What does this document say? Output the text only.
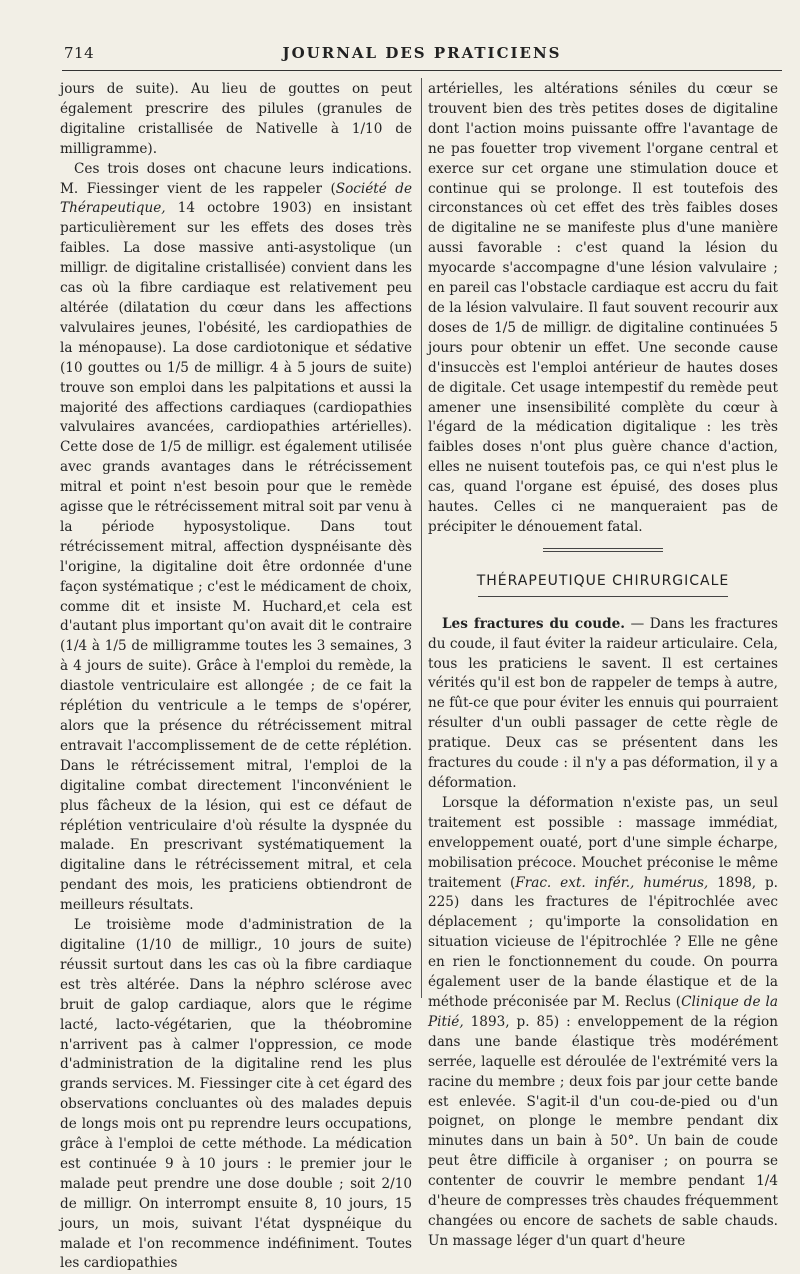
714	JOURNAL DES PRATICIENS

jours de suite). Au lieu de gouttes on peut également prescrire des pilules (granules de digitaline cristallisée de Nativelle à 1/10 de milligramme).

Ces trois doses ont chacune leurs indications. M. Fiessinger vient de les rappeler (Société de Thérapeutique, 14 octobre 1903) en insistant particulièrement sur les effets des doses très faibles. La dose massive anti-asystolique (un milligr. de digitaline cristallisée) convient dans les cas où la fibre cardiaque est relativement peu altérée (dilatation du cœur dans les affections valvulaires jeunes, l'obésité, les cardiopathies de la ménopause). La dose cardiotonique et sédative (10 gouttes ou 1/5 de milligr. 4 à 5 jours de suite) trouve son emploi dans les palpitations et aussi la majorité des affections cardiaques (cardiopathies valvulaires avancées, cardiopathies artérielles). Cette dose de 1/5 de milligr. est également utilisée avec grands avantages dans le rétrécissement mitral et point n'est besoin pour que le remède agisse que le rétrécissement mitral soit par venu à la période hyposystolique. Dans tout rétrécissement mitral, affection dyspnéisante dès l'origine, la digitaline doit être ordonnée d'une façon systématique ; c'est le médicament de choix, comme dit et insiste M. Huchard,et cela est d'autant plus important qu'on avait dit le contraire (1/4 à 1/5 de milligramme toutes les 3 semaines, 3 à 4 jours de suite). Grâce à l'emploi du remède, la diastole ventriculaire est allongée ; de ce fait la réplétion du ventricule a le temps de s'opérer, alors que la présence du rétrécissement mitral entravait l'accomplissement de de cette réplétion. Dans le rétrécissement mitral, l'emploi de la digitaline combat directement l'inconvénient le plus fâcheux de la lésion, qui est ce défaut de réplétion ventriculaire d'où résulte la dyspnée du malade. En prescrivant systématiquement la digitaline dans le rétrécissement mitral, et cela pendant des mois, les praticiens obtiendront de meilleurs résultats.

Le troisième mode d'administration de la digitaline (1/10 de milligr., 10 jours de suite) réussit surtout dans les cas où la fibre cardiaque est très altérée. Dans la néphro sclérose avec bruit de galop cardiaque, alors que le régime lacté, lacto-végétarien, que la théobromine n'arrivent pas à calmer l'oppression, ce mode d'administration de la digitaline rend les plus grands services. M. Fiessinger cite à cet égard des observations concluantes où des malades depuis de longs mois ont pu reprendre leurs occupations, grâce à l'emploi de cette méthode. La médication est continuée 9 à 10 jours : le premier jour le malade peut prendre une dose double ; soit 2/10 de milligr. On interrompt ensuite 8, 10 jours, 15 jours, un mois, suivant l'état dyspnéique du malade et l'on recommence indéfiniment. Toutes les cardiopathies

artérielles, les altérations séniles du cœur se trouvent bien des très petites doses de digitaline dont l'action moins puissante offre l'avantage de ne pas fouetter trop vivement l'organe central et exerce sur cet organe une stimulation douce et continue qui se prolonge. Il est toutefois des circonstances où cet effet des très faibles doses de digitaline ne se manifeste plus d'une manière aussi favorable : c'est quand la lésion du myocarde s'accompagne d'une lésion valvulaire ; en pareil cas l'obstacle cardiaque est accru du fait de la lésion valvulaire. Il faut souvent recourir aux doses de 1/5 de milligr. de digitaline continuées 5 jours pour obtenir un effet. Une seconde cause d'insuccès est l'emploi antérieur de hautes doses de digitale. Cet usage intempestif du remède peut amener une insensibilité complète du cœur à l'égard de la médication digitalique : les très faibles doses n'ont plus guère chance d'action, elles ne nuisent toutefois pas, ce qui n'est plus le cas, quand l'organe est épuisé, des doses plus hautes. Celles ci ne manqueraient pas de précipiter le dénouement fatal.

THÉRAPEUTIQUE CHIRURGICALE

Les fractures du coude. — Dans les fractures du coude, il faut éviter la raideur articulaire. Cela, tous les praticiens le savent. Il est certaines vérités qu'il est bon de rappeler de temps à autre, ne fût-ce que pour éviter les ennuis qui pourraient résulter d'un oubli passager de cette règle de pratique. Deux cas se présentent dans les fractures du coude : il n'y a pas déformation, il y a déformation.

Lorsque la déformation n'existe pas, un seul traitement est possible : massage immédiat, enveloppement ouaté, port d'une simple écharpe, mobilisation précoce. Mouchet préconise le même traitement (Frac. ext. infér., humérus, 1898, p. 225) dans les fractures de l'épitrochlée avec déplacement ; qu'importe la consolidation en situation vicieuse de l'épitrochlée ? Elle ne gêne en rien le fonctionnement du coude. On pourra également user de la bande élastique et de la méthode préconisée par M. Reclus (Clinique de la Pitié, 1893, p. 85) : enveloppement de la région dans une bande élastique très modérément serrée, laquelle est déroulée de l'extrémité vers la racine du membre ; deux fois par jour cette bande est enlevée. S'agit-il d'un cou-de-pied ou d'un poignet, on plonge le membre pendant dix minutes dans un bain à 50°. Un bain de coude peut être difficile à organiser ; on pourra se contenter de couvrir le membre pendant 1/4 d'heure de compresses très chaudes fréquemment changées ou encore de sachets de sable chauds. Un massage léger d'un quart d'heure
